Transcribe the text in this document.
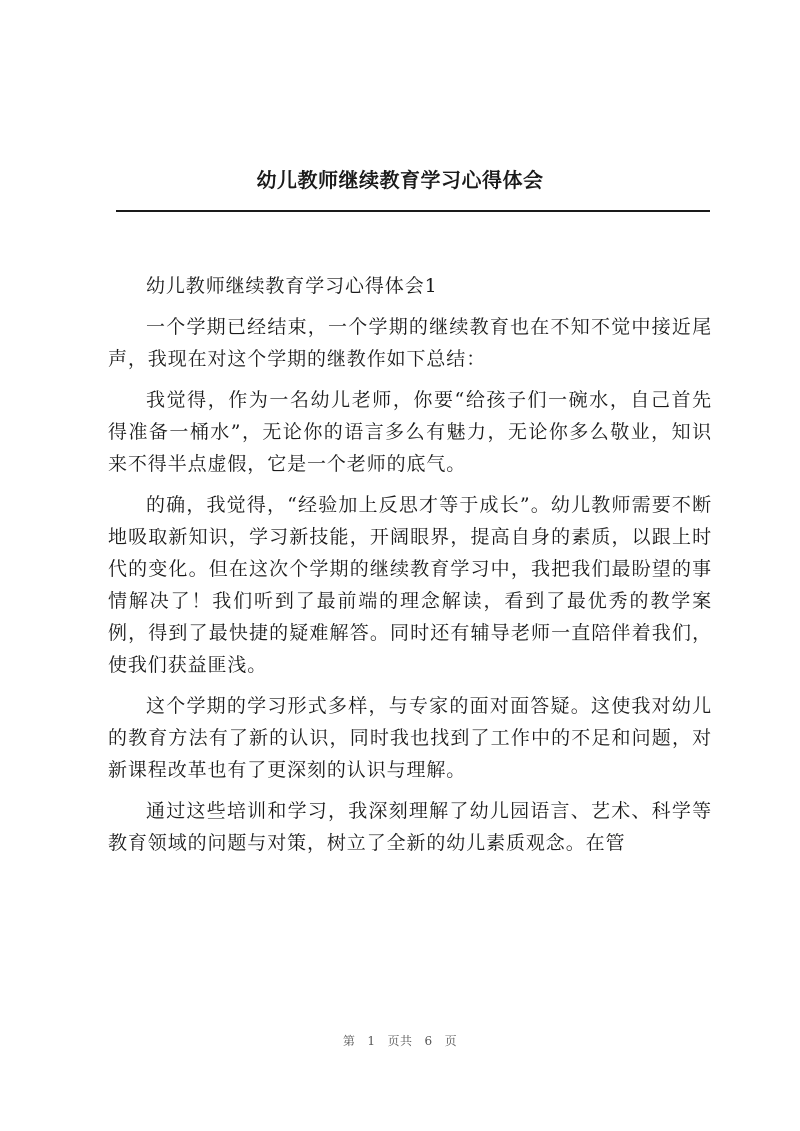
幼儿教师继续教育学习心得体会

幼儿教师继续教育学习心得体会1

一个学期已经结束，一个学期的继续教育也在不知不觉中接近尾声，我现在对这个学期的继教作如下总结：

我觉得，作为一名幼儿老师，你要“给孩子们一碗水，自己首先得准备一桶水”，无论你的语言多么有魅力，无论你多么敬业，知识来不得半点虚假，它是一个老师的底气。

的确，我觉得，“经验加上反思才等于成长”。幼儿教师需要不断地吸取新知识，学习新技能，开阔眼界，提高自身的素质，以跟上时代的变化。但在这次个学期的继续教育学习中，我把我们最盼望的事情解决了！我们听到了最前端的理念解读，看到了最优秀的教学案例，得到了最快捷的疑难解答。同时还有辅导老师一直陪伴着我们，使我们获益匪浅。

这个学期的学习形式多样，与专家的面对面答疑。这使我对幼儿的教育方法有了新的认识，同时我也找到了工作中的不足和问题，对新课程改革也有了更深刻的认识与理解。

通过这些培训和学习，我深刻理解了幼儿园语言、艺术、科学等教育领域的问题与对策，树立了全新的幼儿素质观念。在管

第 1 页共 6 页
